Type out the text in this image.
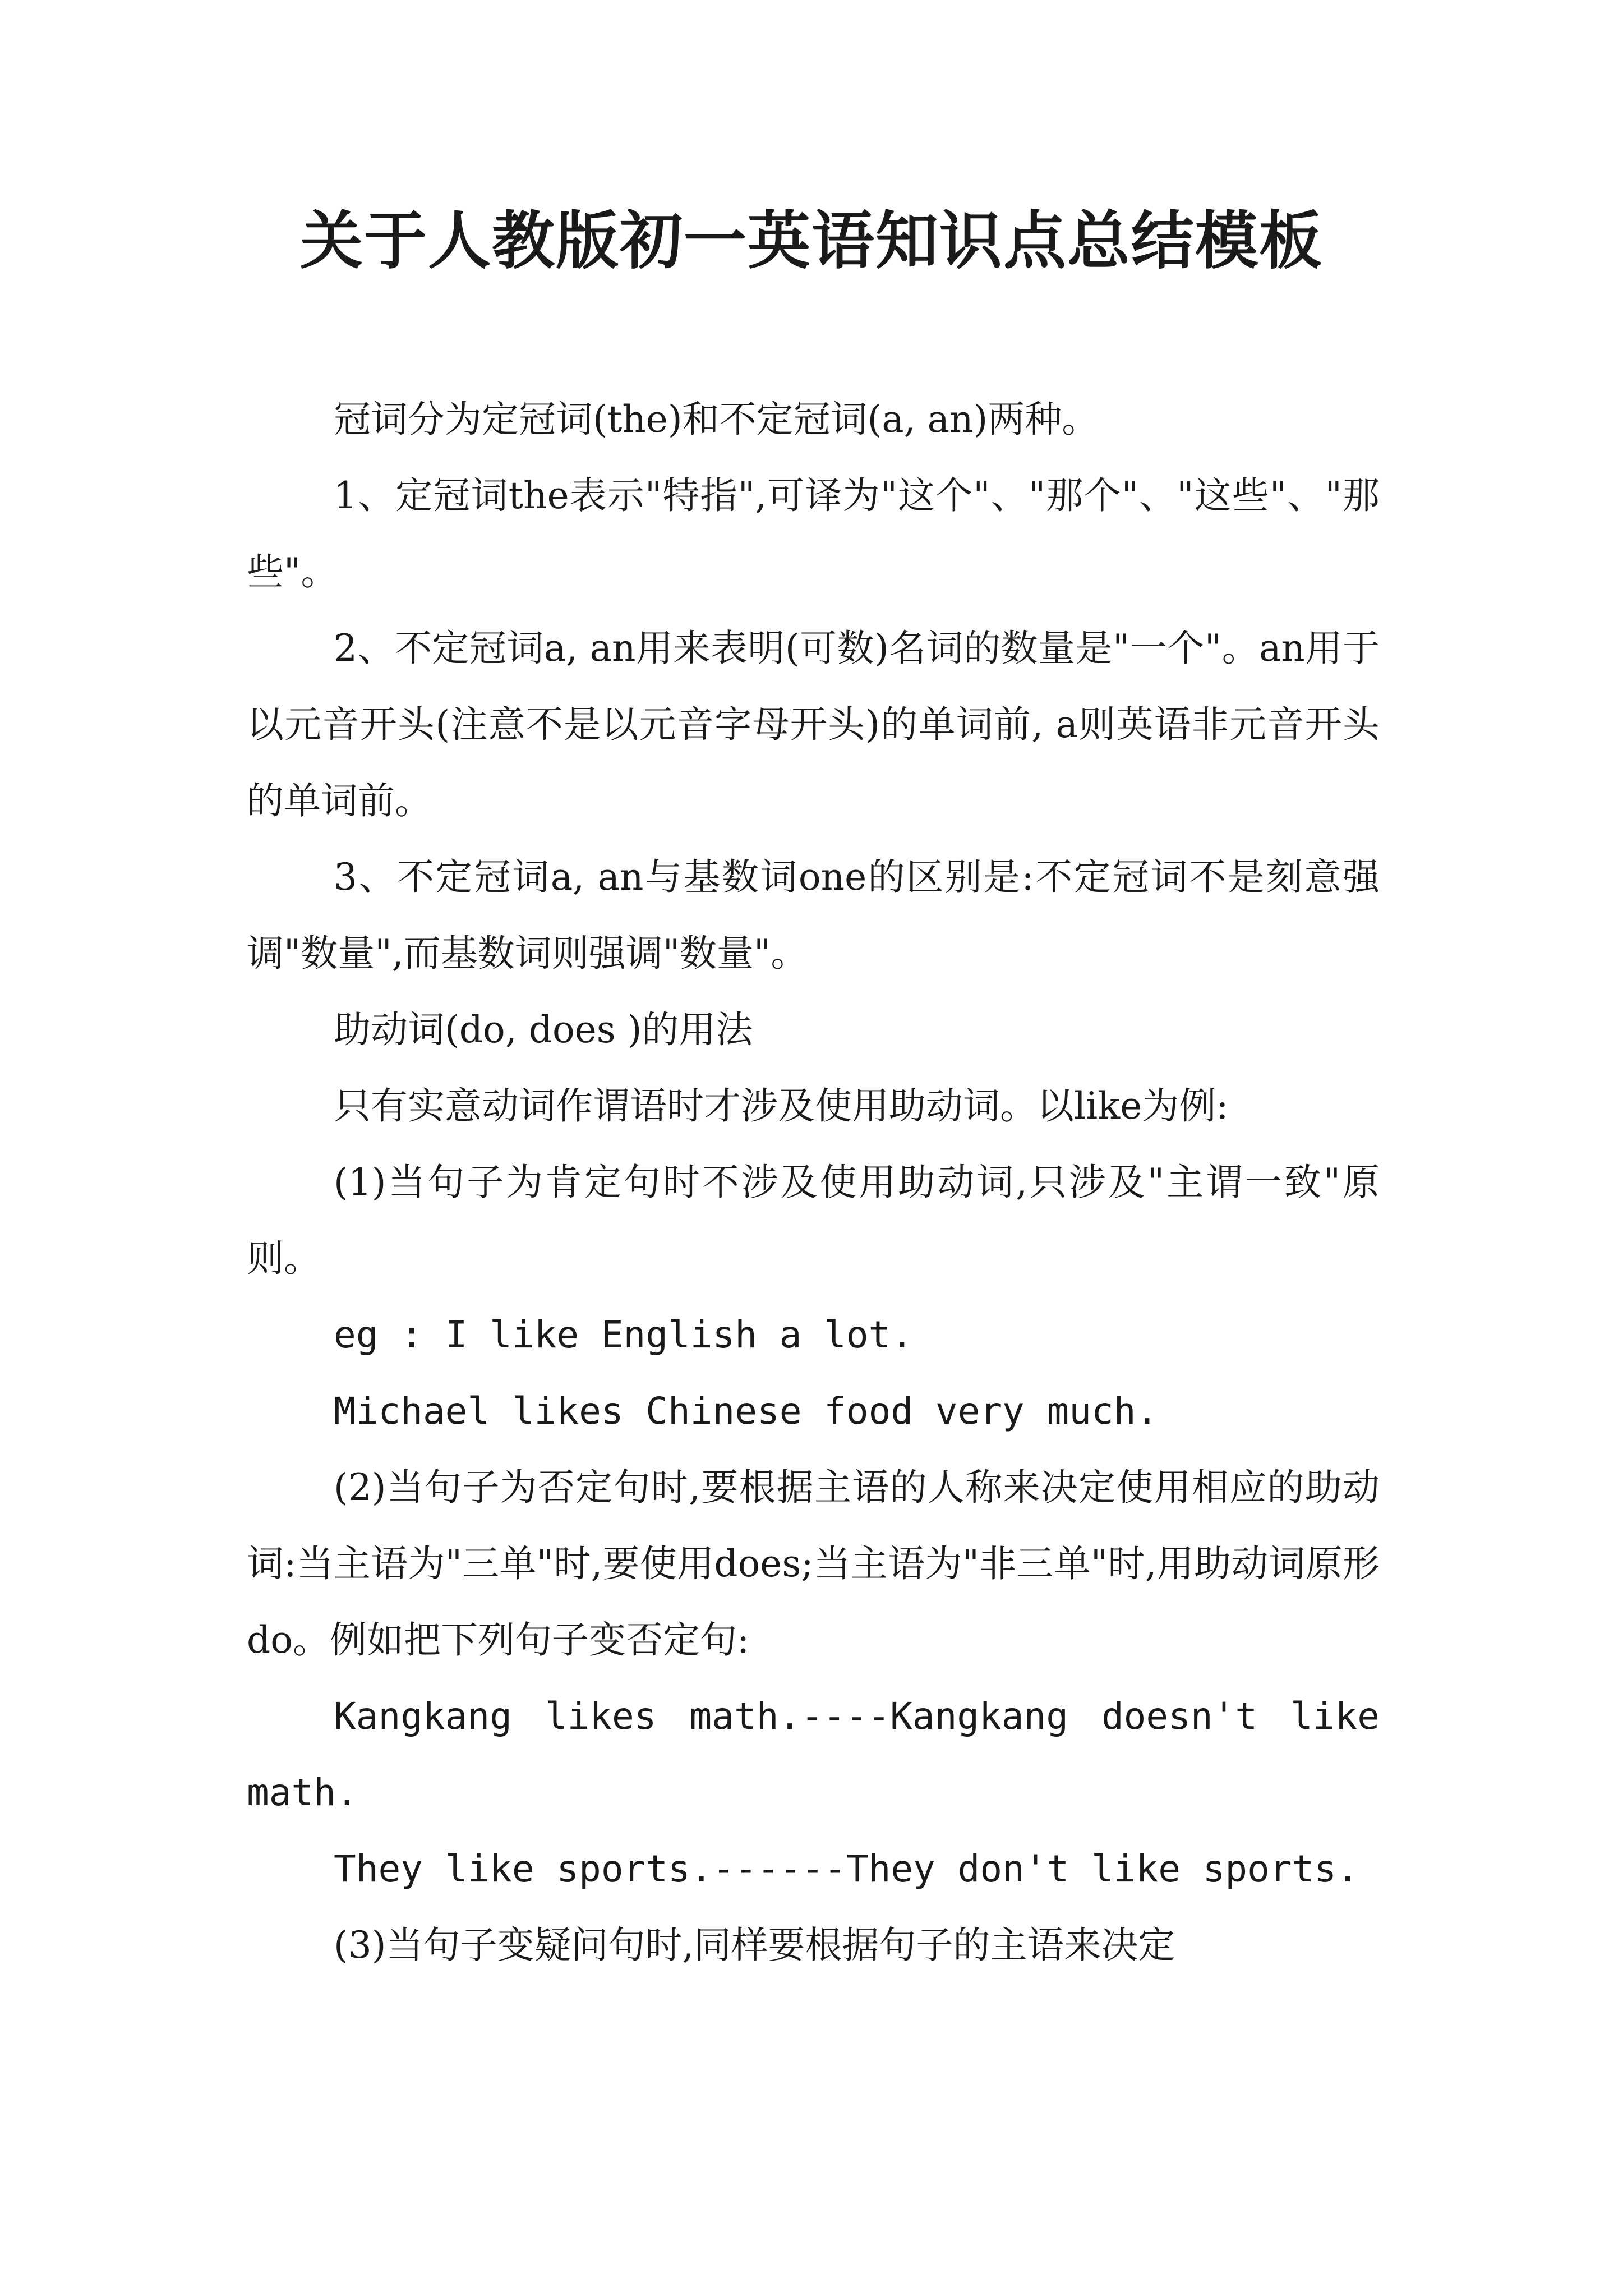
关于人教版初一英语知识点总结模板

冠词分为定冠词(the)和不定冠词(a, an)两种。

1、定冠词the表示"特指",可译为"这个"、"那个"、"这些"、"那些"。

2、不定冠词a, an用来表明(可数)名词的数量是"一个"。an用于以元音开头(注意不是以元音字母开头)的单词前, a则英语非元音开头的单词前。

3、不定冠词a, an与基数词one的区别是:不定冠词不是刻意强调"数量",而基数词则强调"数量"。

助动词(do, does )的用法

只有实意动词作谓语时才涉及使用助动词。以like为例:

(1)当句子为肯定句时不涉及使用助动词,只涉及"主谓一致"原则。

eg : I like English a lot.

Michael likes Chinese food very much.

(2)当句子为否定句时,要根据主语的人称来决定使用相应的助动词:当主语为"三单"时,要使用does;当主语为"非三单"时,用助动词原形do。例如把下列句子变否定句:

Kangkang likes math.----Kangkang doesn't like math.

They like sports.------They don't like sports.

(3)当句子变疑问句时,同样要根据句子的主语来决定
